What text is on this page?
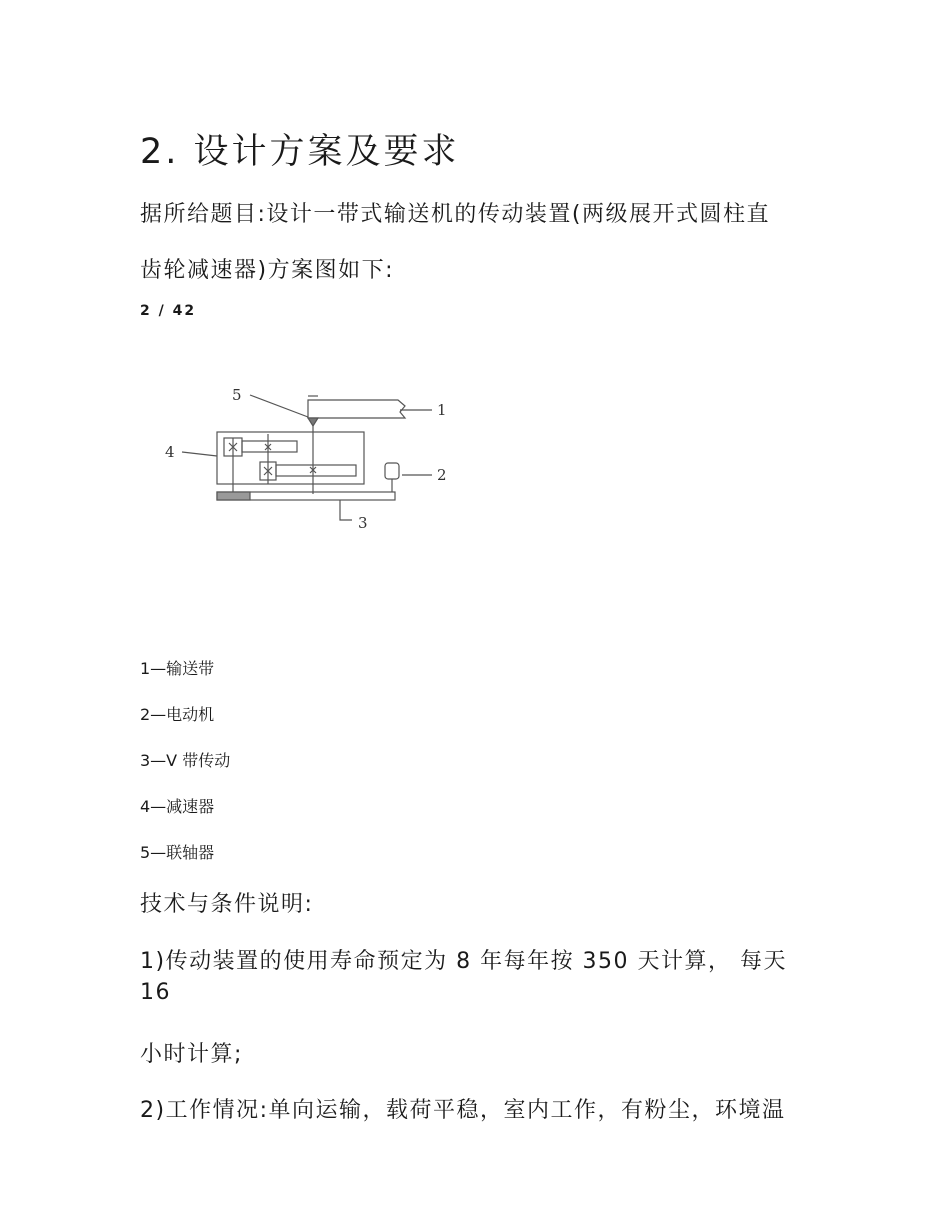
2. 设计方案及要求
据所给题目:设计一带式输送机的传动装置(两级展开式圆柱直
齿轮减速器)方案图如下:
2 / 42
5
1
2
4
3
1—输送带
2—电动机
3—V 带传动
4—减速器
5—联轴器
技术与条件说明:
1)传动装置的使用寿命预定为 8 年每年按 350 天计算， 每天
16
小时计算;
2)工作情况:单向运输，载荷平稳，室内工作，有粉尘，环境温
